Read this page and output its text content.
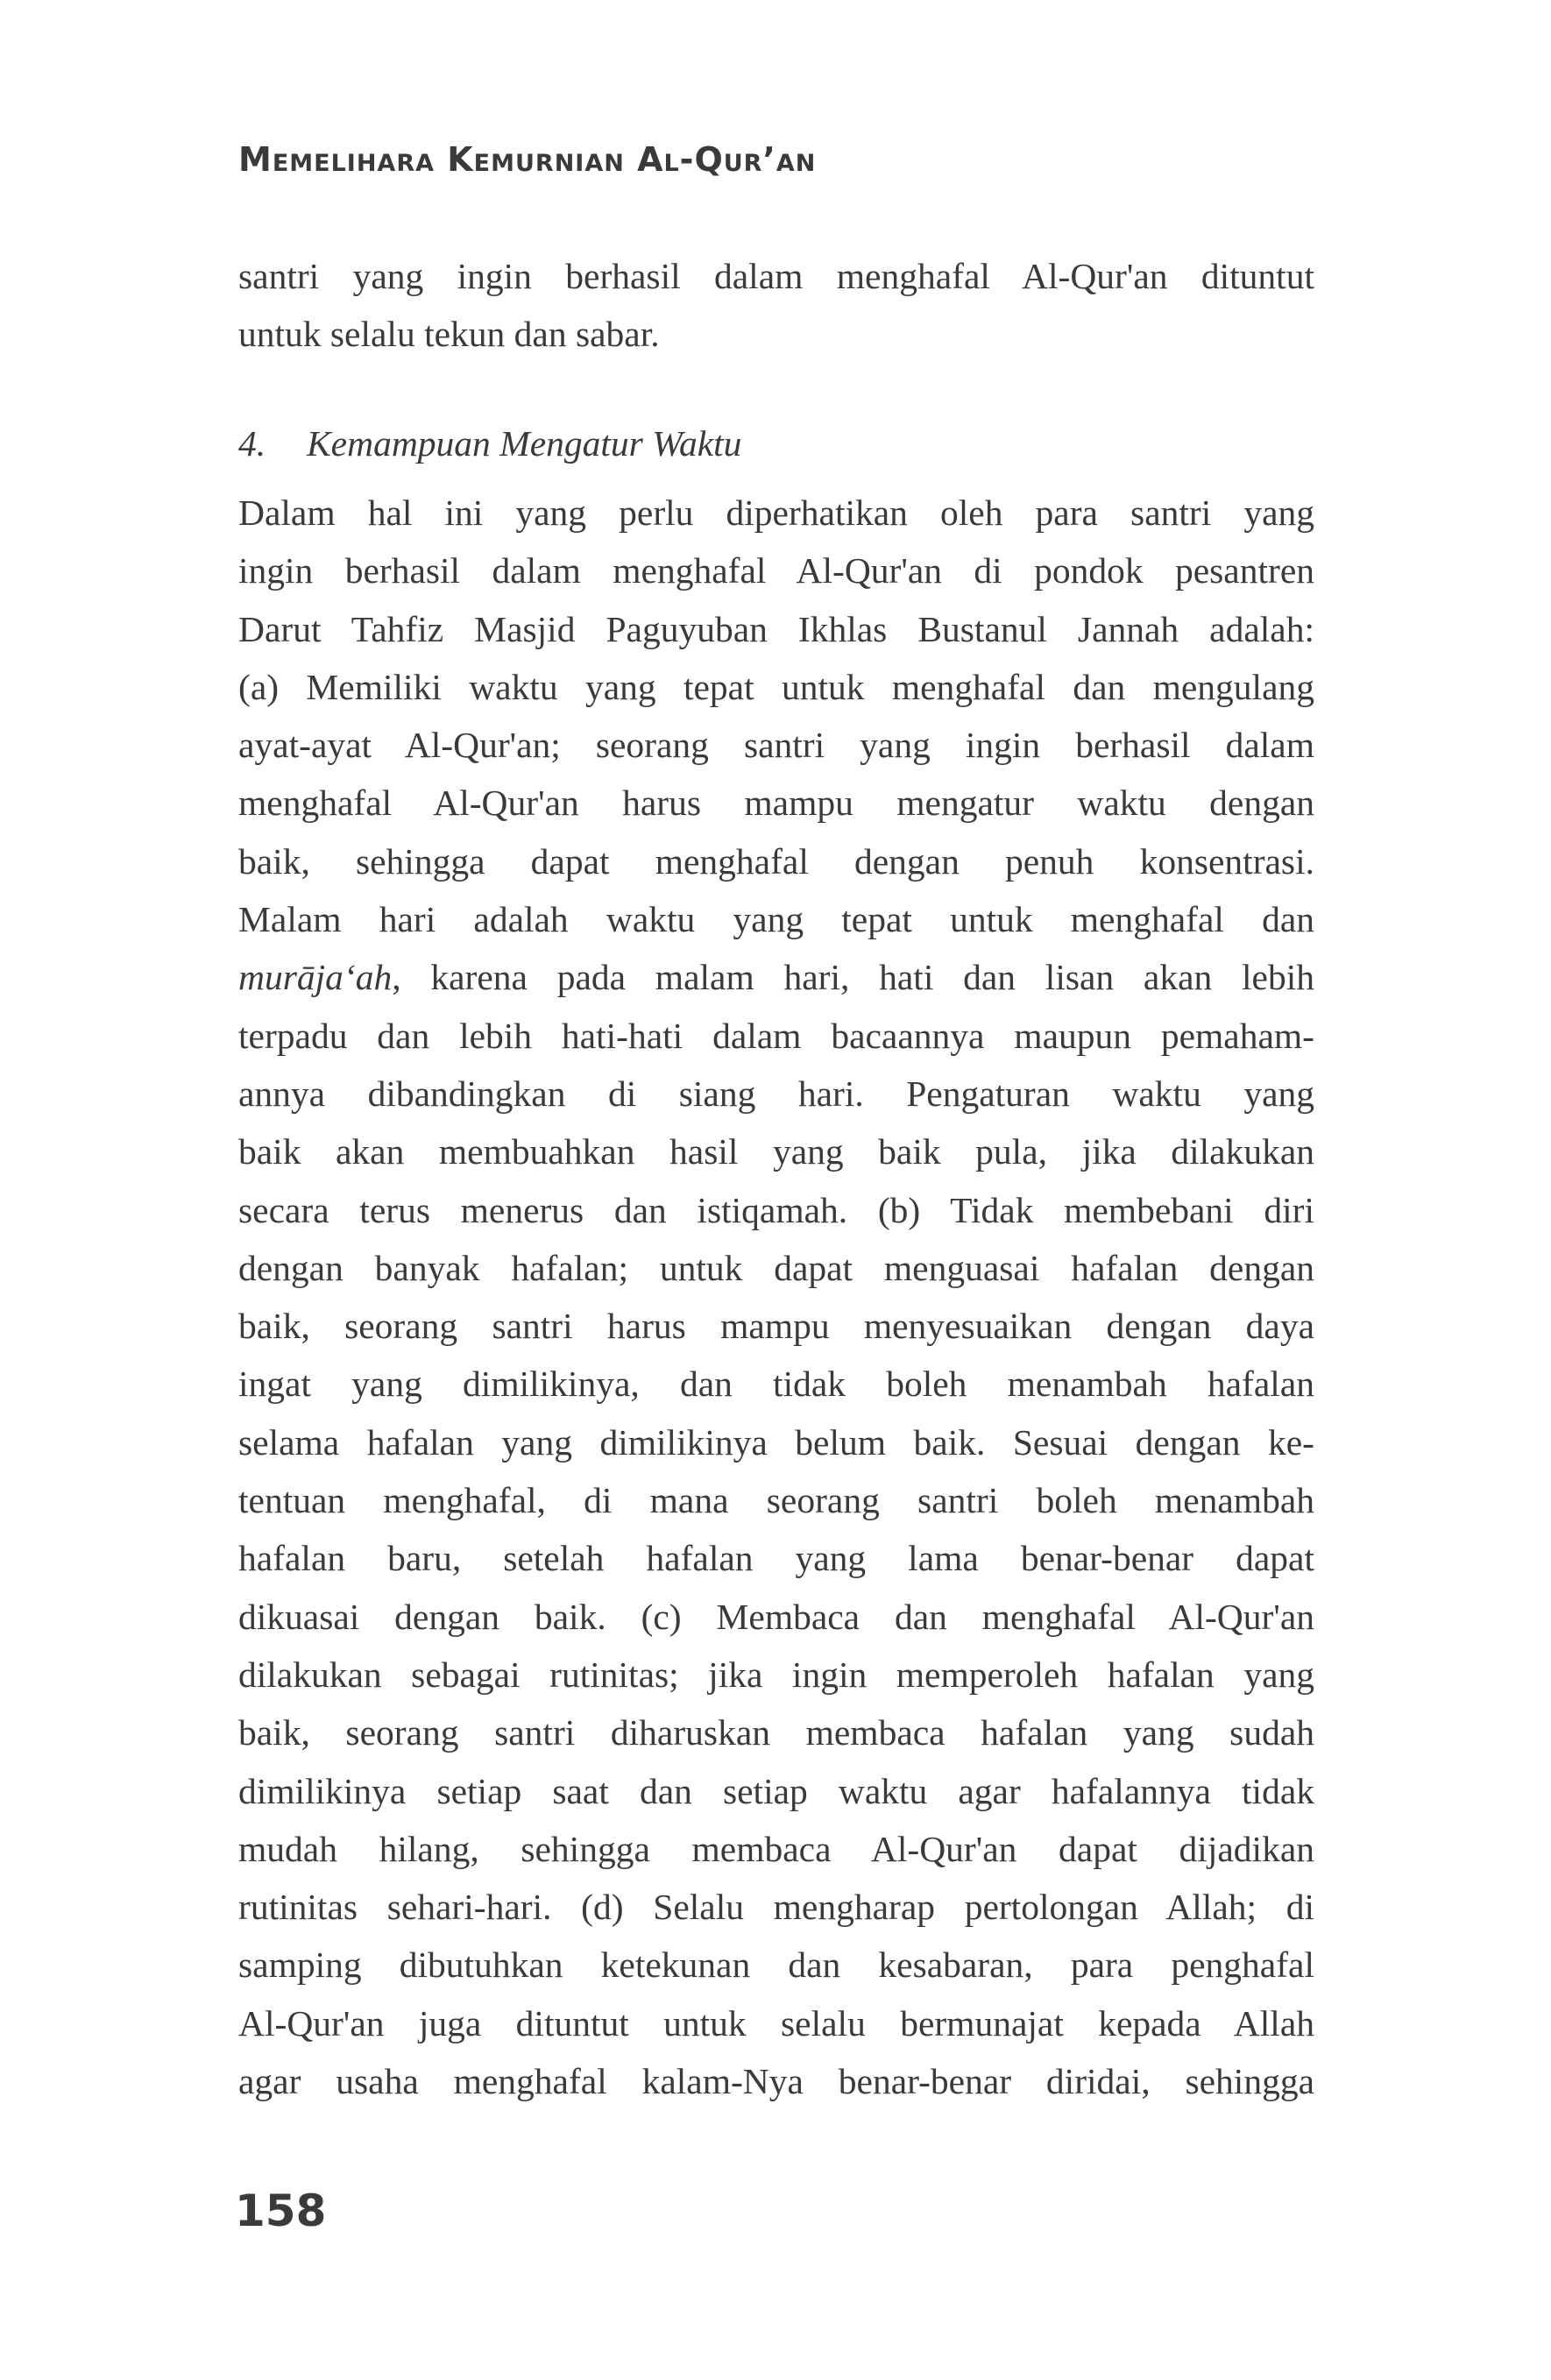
Memelihara Kemurnian Al-Qur’an
santri yang ingin berhasil dalam menghafal Al-Qur'an dituntut
untuk selalu tekun dan sabar.
4. Kemampuan Mengatur Waktu
Dalam hal ini yang perlu diperhatikan oleh para santri yang
ingin berhasil dalam menghafal Al-Qur'an di pondok pesantren
Darut Tahfiz Masjid Paguyuban Ikhlas Bustanul Jannah adalah:
(a) Memiliki waktu yang tepat untuk menghafal dan mengulang
ayat-ayat Al-Qur'an; seorang santri yang ingin berhasil dalam
menghafal Al-Qur'an harus mampu mengatur waktu dengan
baik, sehingga dapat menghafal dengan penuh konsentrasi.
Malam hari adalah waktu yang tepat untuk menghafal dan
murāja‘ah, karena pada malam hari, hati dan lisan akan lebih
terpadu dan lebih hati-hati dalam bacaannya maupun pemaham-
annya dibandingkan di siang hari. Pengaturan waktu yang
baik akan membuahkan hasil yang baik pula, jika dilakukan
secara terus menerus dan istiqamah. (b) Tidak membebani diri
dengan banyak hafalan; untuk dapat menguasai hafalan dengan
baik, seorang santri harus mampu menyesuaikan dengan daya
ingat yang dimilikinya, dan tidak boleh menambah hafalan
selama hafalan yang dimilikinya belum baik. Sesuai dengan ke-
tentuan menghafal, di mana seorang santri boleh menambah
hafalan baru, setelah hafalan yang lama benar-benar dapat
dikuasai dengan baik. (c) Membaca dan menghafal Al-Qur'an
dilakukan sebagai rutinitas; jika ingin memperoleh hafalan yang
baik, seorang santri diharuskan membaca hafalan yang sudah
dimilikinya setiap saat dan setiap waktu agar hafalannya tidak
mudah hilang, sehingga membaca Al-Qur'an dapat dijadikan
rutinitas sehari-hari. (d) Selalu mengharap pertolongan Allah; di
samping dibutuhkan ketekunan dan kesabaran, para penghafal
Al-Qur'an juga dituntut untuk selalu bermunajat kepada Allah
agar usaha menghafal kalam-Nya benar-benar diridai, sehingga
158
